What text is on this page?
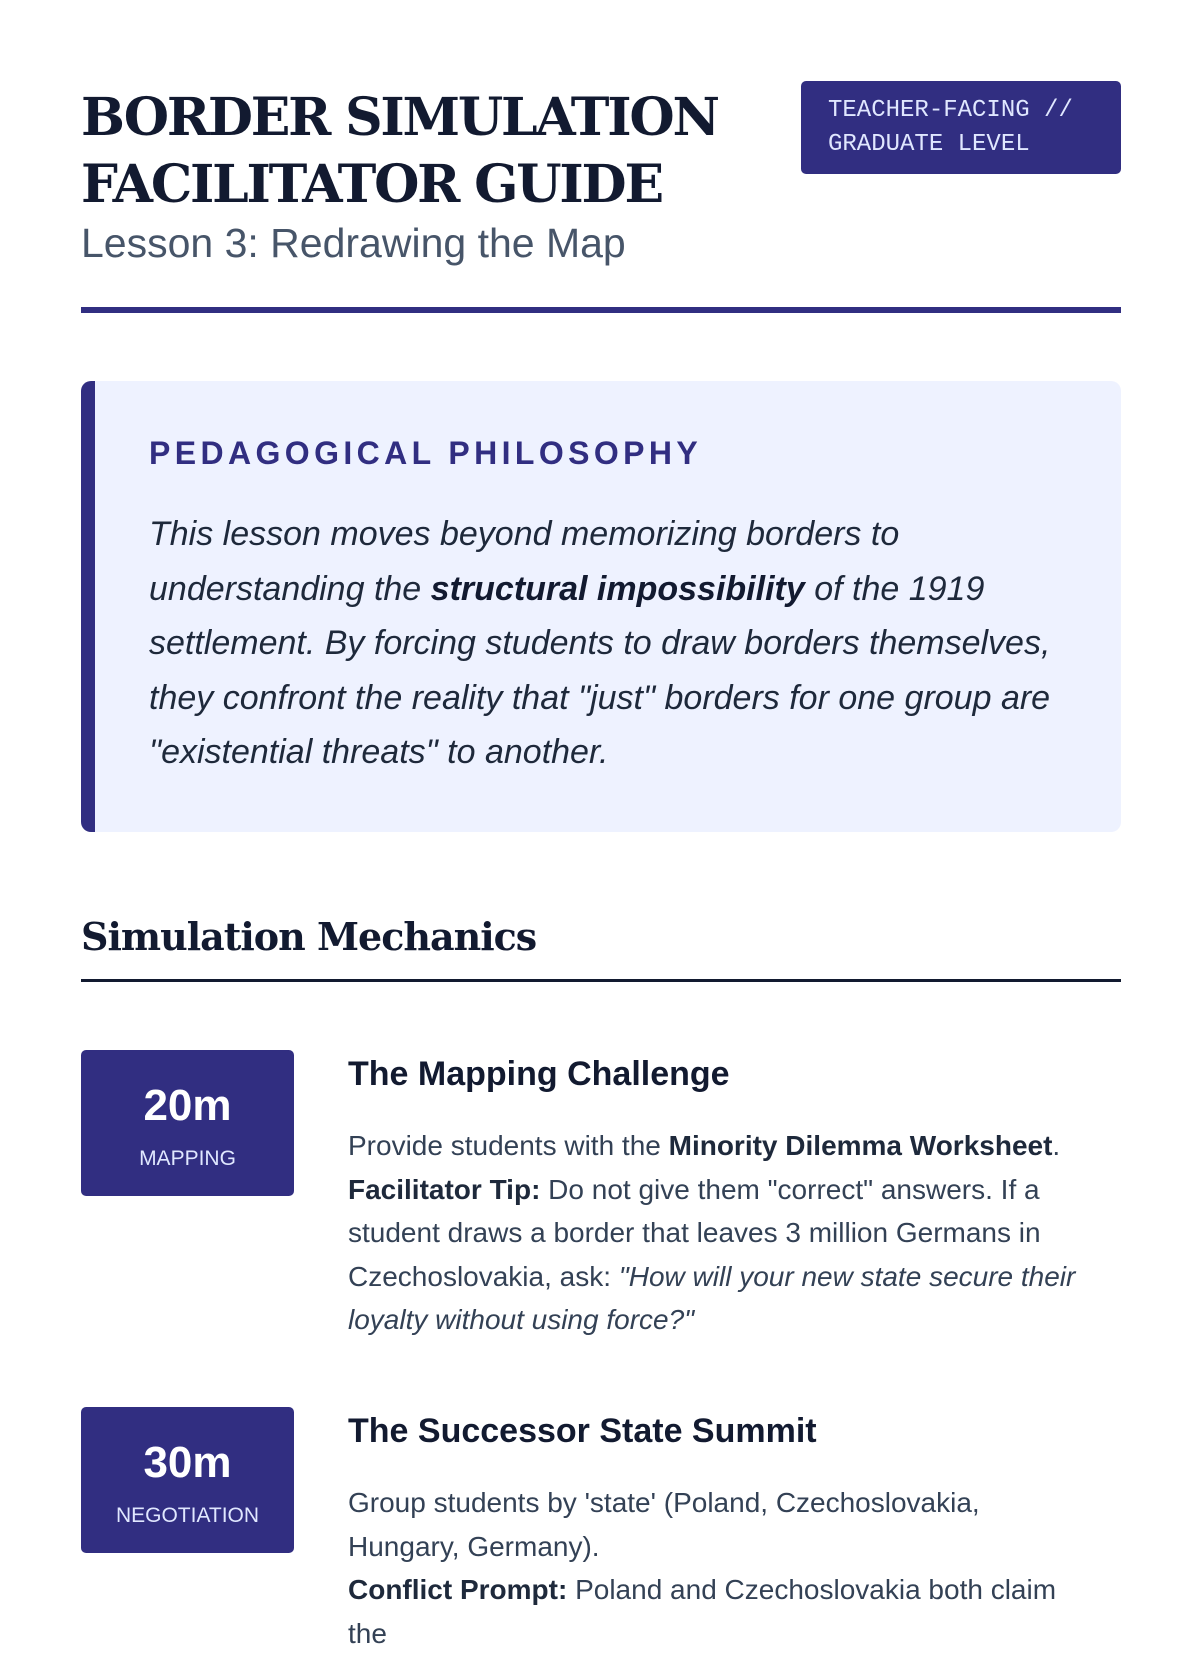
BORDER SIMULATION
FACILITATOR GUIDE
Lesson 3: Redrawing the Map
TEACHER-FACING //
GRADUATE LEVEL
PEDAGOGICAL PHILOSOPHY

This lesson moves beyond memorizing borders to understanding the structural impossibility of the 1919 settlement. By forcing students to draw borders themselves, they confront the reality that "just" borders for one group are "existential threats" to another.

Simulation Mechanics
20m
MAPPING
The Mapping Challenge

Provide students with the Minority Dilemma Worksheet.
Facilitator Tip: Do not give them "correct" answers. If a student draws a border that leaves 3 million Germans in Czechoslovakia, ask: "How will your new state secure their loyalty without using force?"

30m
NEGOTIATION
The Successor State Summit

Group students by 'state' (Poland, Czechoslovakia, Hungary, Germany).
Conflict Prompt: Poland and Czechoslovakia both claim the
